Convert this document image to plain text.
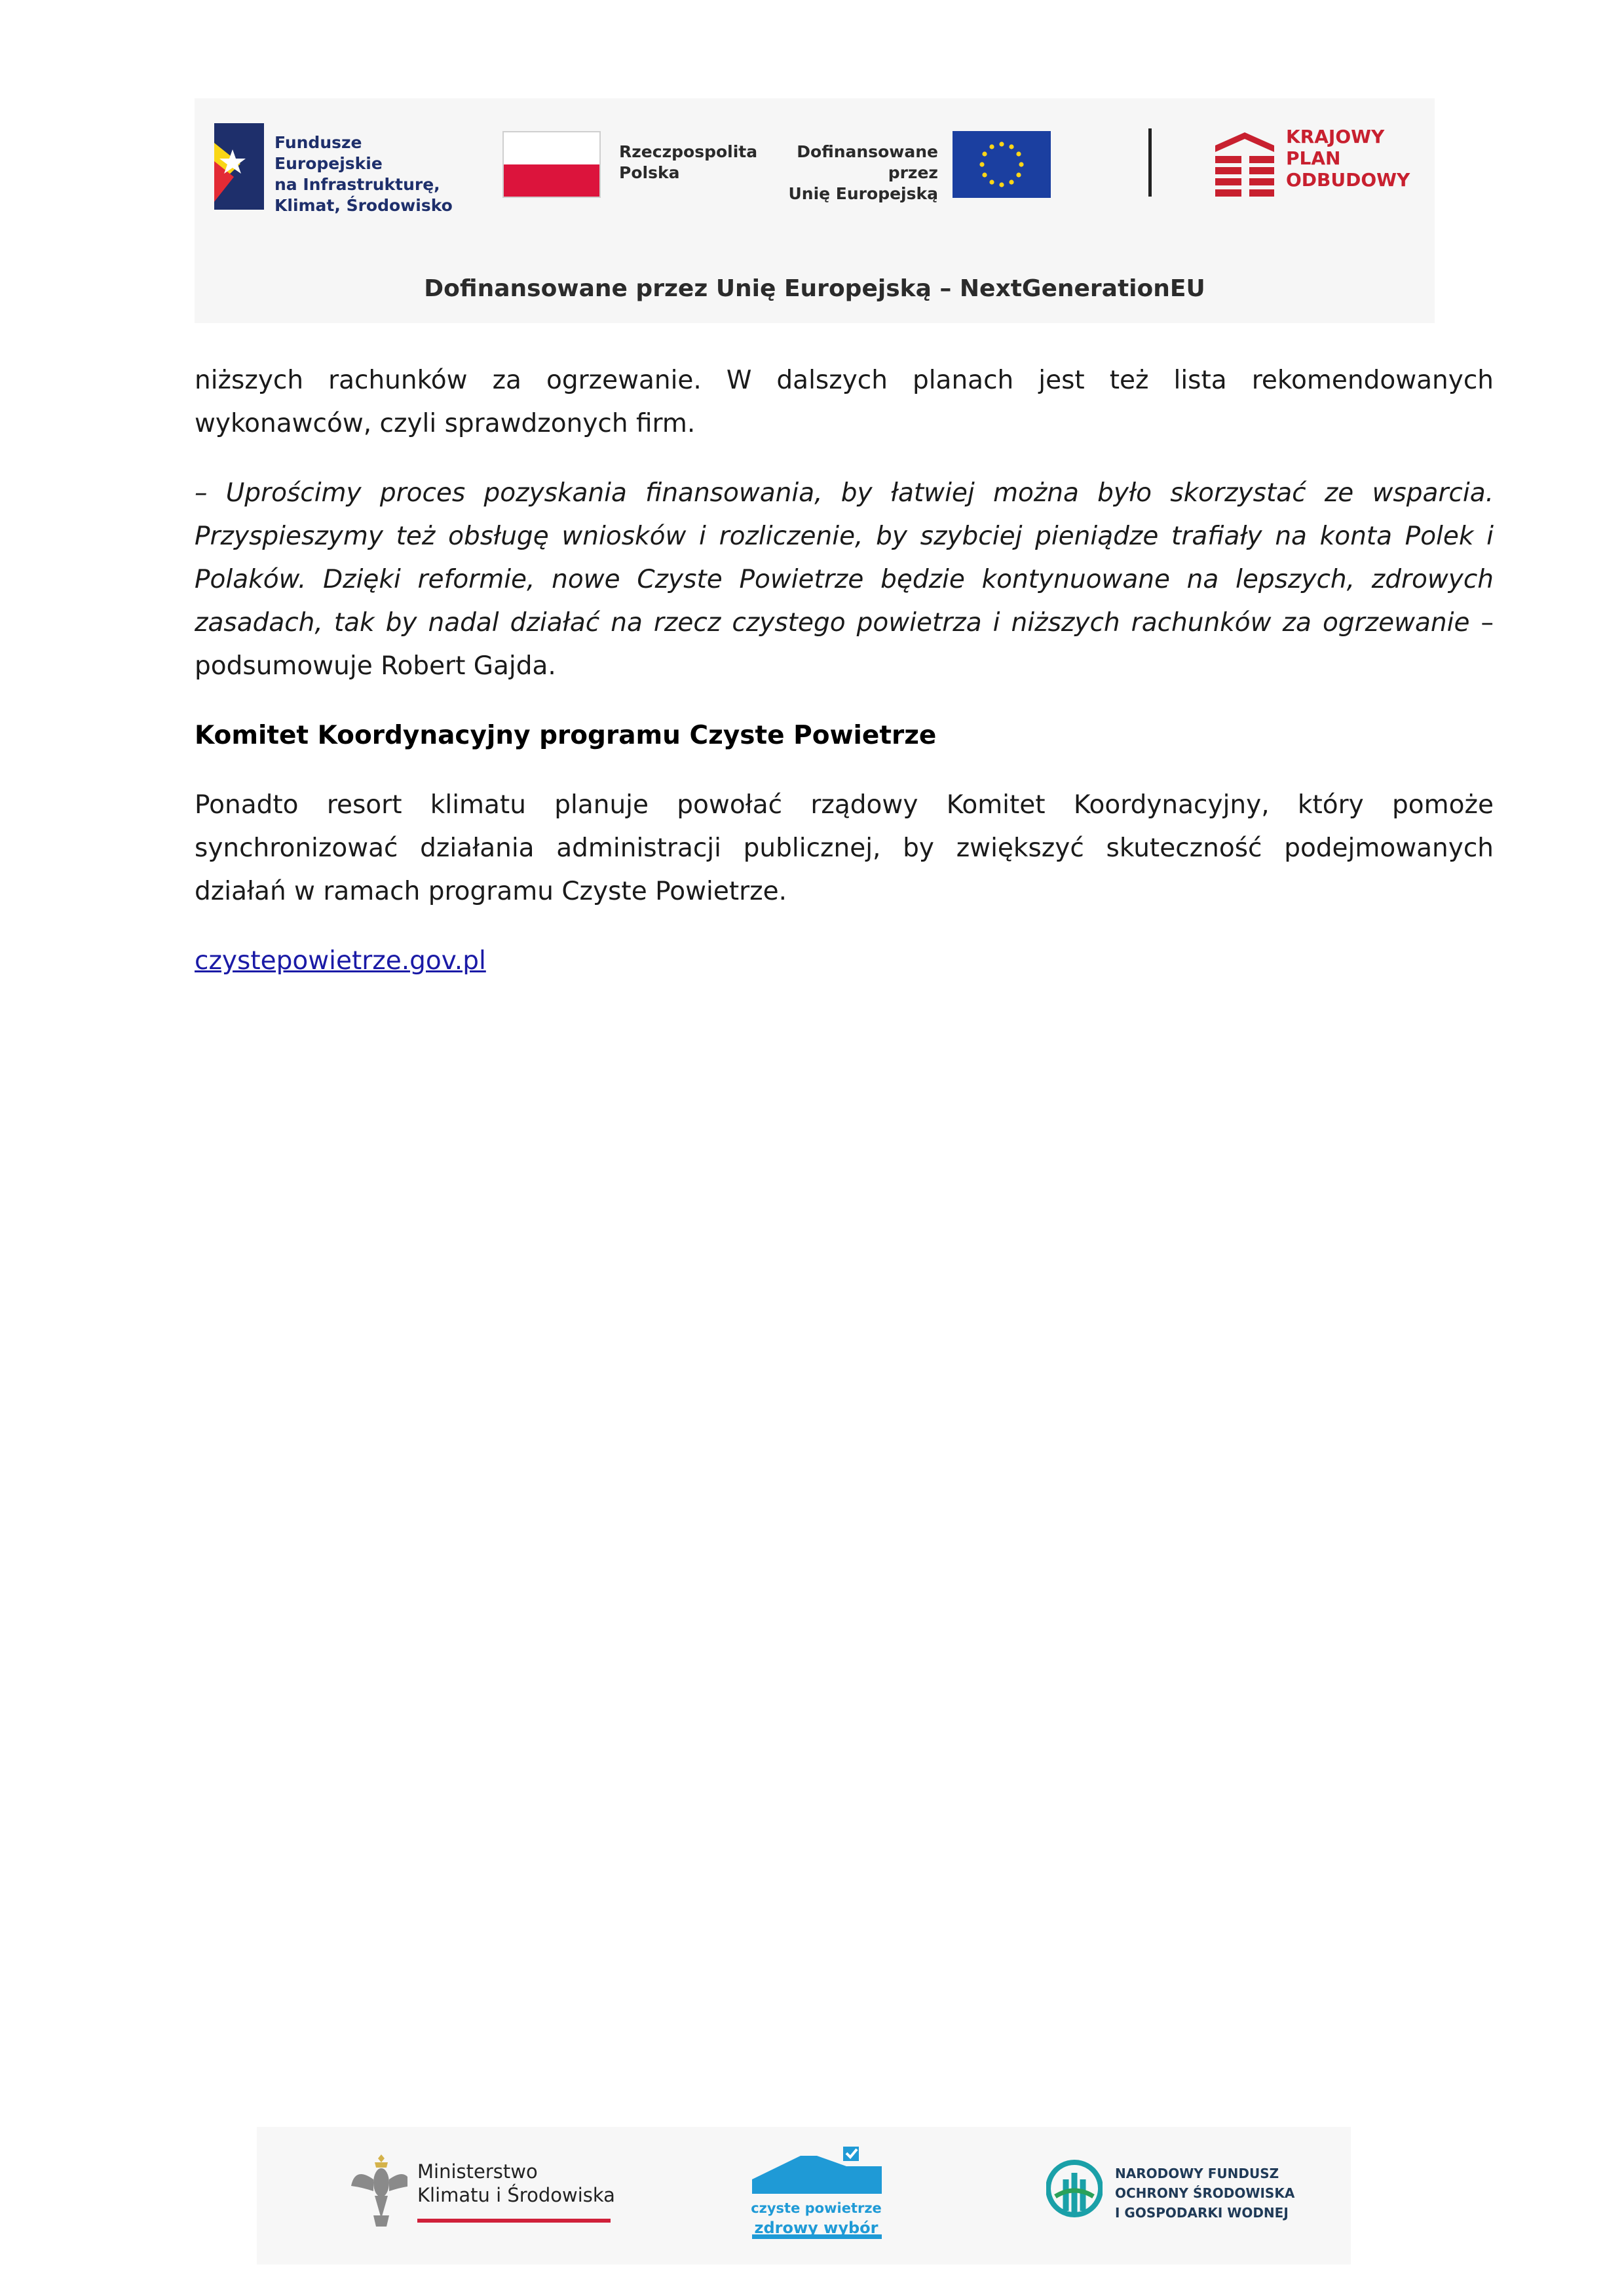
Fundusze Europejskie
na Infrastrukturę,
Klimat, Środowisko
Rzeczpospolita
Polska
Dofinansowane przez
Unię Europejską
KRAJOWY
PLAN
ODBUDOWY
Dofinansowane przez Unię Europejską – NextGenerationEU

niższych rachunków za ogrzewanie. W dalszych planach jest też lista rekomendowanych wykonawców, czyli sprawdzonych firm.

– Uprościmy proces pozyskania finansowania, by łatwiej można było skorzystać ze wsparcia. Przyspieszymy też obsługę wniosków i rozliczenie, by szybciej pieniądze trafiały na konta Polek i Polaków. Dzięki reformie, nowe Czyste Powietrze będzie kontynuowane na lepszych, zdrowych zasadach, tak by nadal działać na rzecz czystego powietrza i niższych rachunków za ogrzewanie – podsumowuje Robert Gajda.

Komitet Koordynacyjny programu Czyste Powietrze

Ponadto resort klimatu planuje powołać rządowy Komitet Koordynacyjny, który pomoże synchronizować działania administracji publicznej, by zwiększyć skuteczność podejmowanych działań w ramach programu Czyste Powietrze.

czystepowietrze.gov.pl

Ministerstwo
Klimatu i Środowiska
czyste powietrze
zdrowy wybór
NARODOWY FUNDUSZ
OCHRONY ŚRODOWISKA
I GOSPODARKI WODNEJ
